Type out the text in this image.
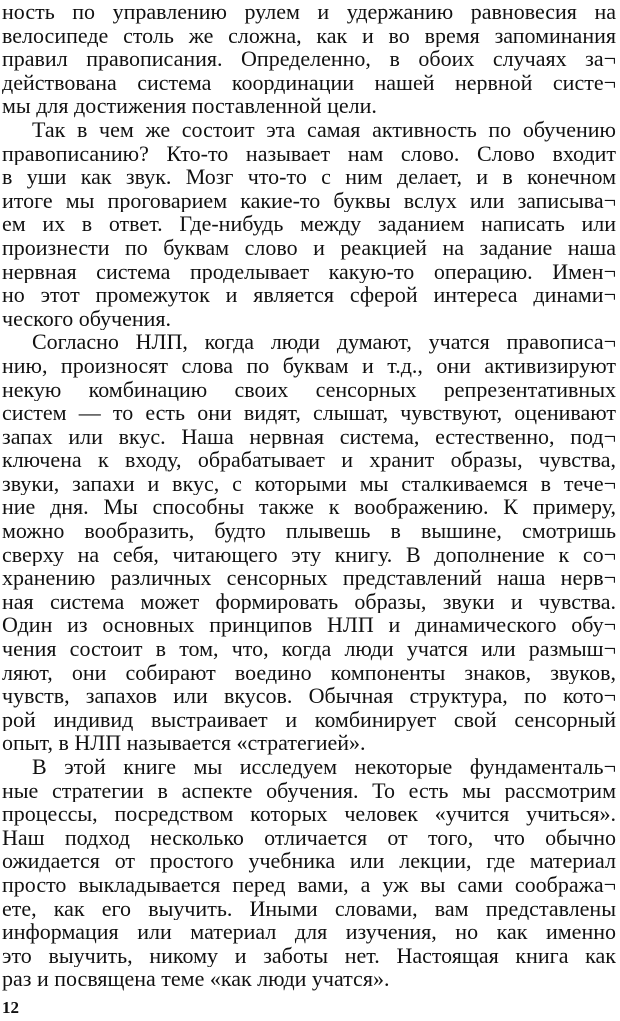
ность по управлению рулем и удержанию равновесия на
велосипеде столь же сложна, как и во время запоминания
правил правописания. Определенно, в обоих случаях за¬
действована система координации нашей нервной систе¬
мы для достижения поставленной цели.
Так в чем же состоит эта самая активность по обучению
правописанию? Кто-то называет нам слово. Слово входит
в уши как звук. Мозг что-то с ним делает, и в конечном
итоге мы проговарием какие-то буквы вслух или записыва¬
ем их в ответ. Где-нибудь между заданием написать или
произнести по буквам слово и реакцией на задание наша
нервная система проделывает какую-то операцию. Имен¬
но этот промежуток и является сферой интереса динами¬
ческого обучения.
Согласно НЛП, когда люди думают, учатся правописа¬
нию, произносят слова по буквам и т.д., они активизируют
некую комбинацию своих сенсорных репрезентативных
систем — то есть они видят, слышат, чувствуют, оценивают
запах или вкус. Наша нервная система, естественно, под¬
ключена к входу, обрабатывает и хранит образы, чувства,
звуки, запахи и вкус, с которыми мы сталкиваемся в тече¬
ние дня. Мы способны также к воображению. К примеру,
можно вообразить, будто плывешь в вышине, смотришь
сверху на себя, читающего эту книгу. В дополнение к со¬
хранению различных сенсорных представлений наша нерв¬
ная система может формировать образы, звуки и чувства.
Один из основных принципов НЛП и динамического обу¬
чения состоит в том, что, когда люди учатся или размыш¬
ляют, они собирают воедино компоненты знаков, звуков,
чувств, запахов или вкусов. Обычная структура, по кото¬
рой индивид выстраивает и комбинирует свой сенсорный
опыт, в НЛП называется «стратегией».
В этой книге мы исследуем некоторые фундаменталь¬
ные стратегии в аспекте обучения. То есть мы рассмотрим
процессы, посредством которых человек «учится учиться».
Наш подход несколько отличается от того, что обычно
ожидается от простого учебника или лекции, где материал
просто выкладывается перед вами, а уж вы сами сообража¬
ете, как его выучить. Иными словами, вам представлены
информация или материал для изучения, но как именно
это выучить, никому и заботы нет. Настоящая книга как
раз и посвящена теме «как люди учатся».
12
